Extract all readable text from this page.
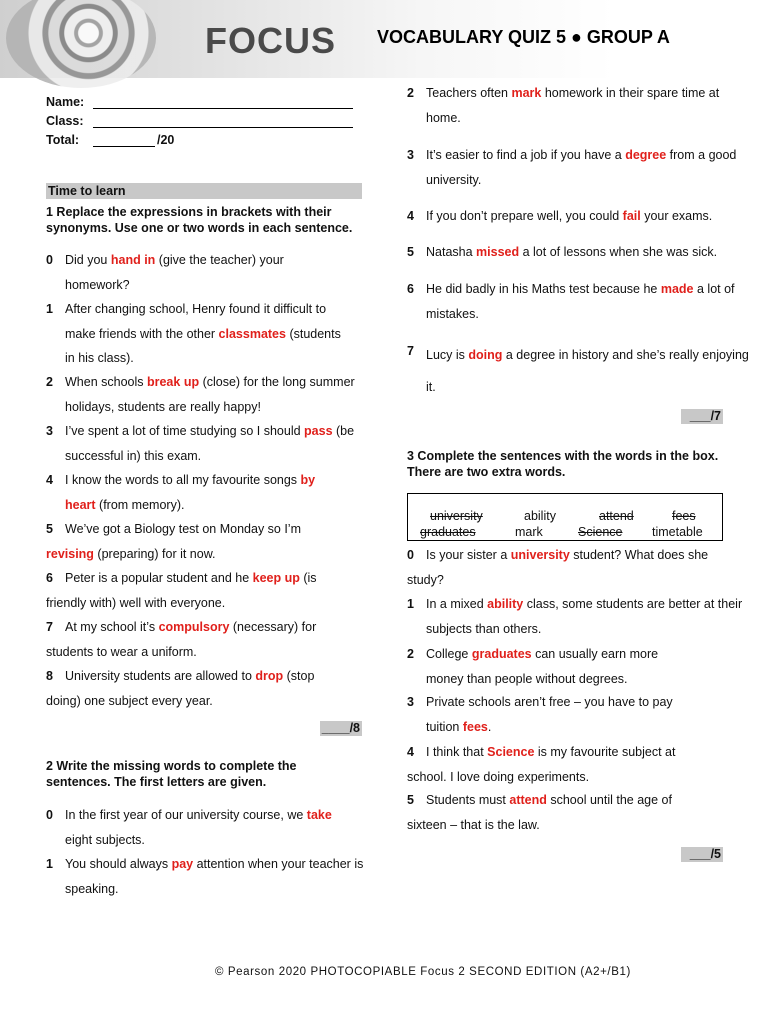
FOCUS VOCABULARY QUIZ 5 ● GROUP A
Name:
Class:
Total:	/20
Time to learn
1 Replace the expressions in brackets with their
synonyms. Use one or two words in each sentence.
0 Did you hand in (give the teacher) your
homework?
1 After changing school, Henry found it difficult to
make friends with the other classmates (students
in his class).
2 When schools break up (close) for the long summer
holidays, students are really happy!
3 I’ve spent a lot of time studying so I should pass (be
successful in) this exam.
4 I know the words to all my favourite songs by
heart (from memory).
5 We’ve got a Biology test on Monday so I’m
revising (preparing) for it now.
6 Peter is a popular student and he keep up (is
friendly with) well with everyone.
7 At my school it’s compulsory (necessary) for
students to wear a uniform.
8 University students are allowed to drop (stop
doing) one subject every year.
____/8
2 Write the missing words to complete the
sentences. The first letters are given.
0 In the first year of our university course, we take
eight subjects.
1 You should always pay attention when your teacher is
speaking.
2 Teachers often mark homework in their spare time at
home.
3 It’s easier to find a job if you have a degree from a good
university.
4 If you don’t prepare well, you could fail your exams.
5 Natasha missed a lot of lessons when she was sick.
6 He did badly in his Maths test because he made a lot of
mistakes.
7 Lucy is doing a degree in history and she’s really enjoying
it.
___/7
3 Complete the sentences with the words in the box.
There are two extra words.
university	ability	attend	fees
graduates	mark	Science timetable
0 Is your sister a university student? What does she
study?
1 In a mixed ability class, some students are better at their
subjects than others.
2 College graduates can usually earn more
money than people without degrees.
3 Private schools aren’t free – you have to pay
tuition fees.
4 I think that Science is my favourite subject at
school. I love doing experiments.
5 Students must attend school until the age of
sixteen – that is the law.
___/5
© Pearson 2020 PHOTOCOPIABLE Focus 2 SECOND EDITION (A2+/B1)
